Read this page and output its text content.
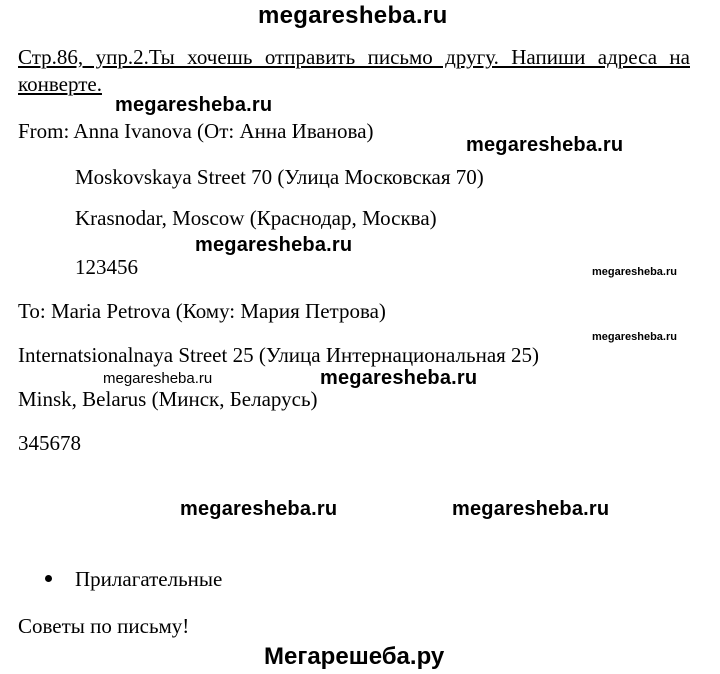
megaresheba.ru
Стр.86, упр.2.Ты хочешь отправить письмо другу. Напиши адреса на конверте.
megaresheba.ru
From: Anna Ivanova (От: Анна Иванова)
megaresheba.ru
Moskovskaya Street 70 (Улица Московская 70)
Krasnodar, Moscow (Краснодар, Москва)
megaresheba.ru
123456	megaresheba.ru
To: Maria Petrova (Кому: Мария Петрова)
megaresheba.ru
Internatsionalnaya Street 25 (Улица Интернациональная 25)
megaresheba.ru	megaresheba.ru
Minsk, Belarus (Минск, Беларусь)
345678
megaresheba.ru	megaresheba.ru
Прилагательные
Советы по письму!
Мегарешеба.ру
